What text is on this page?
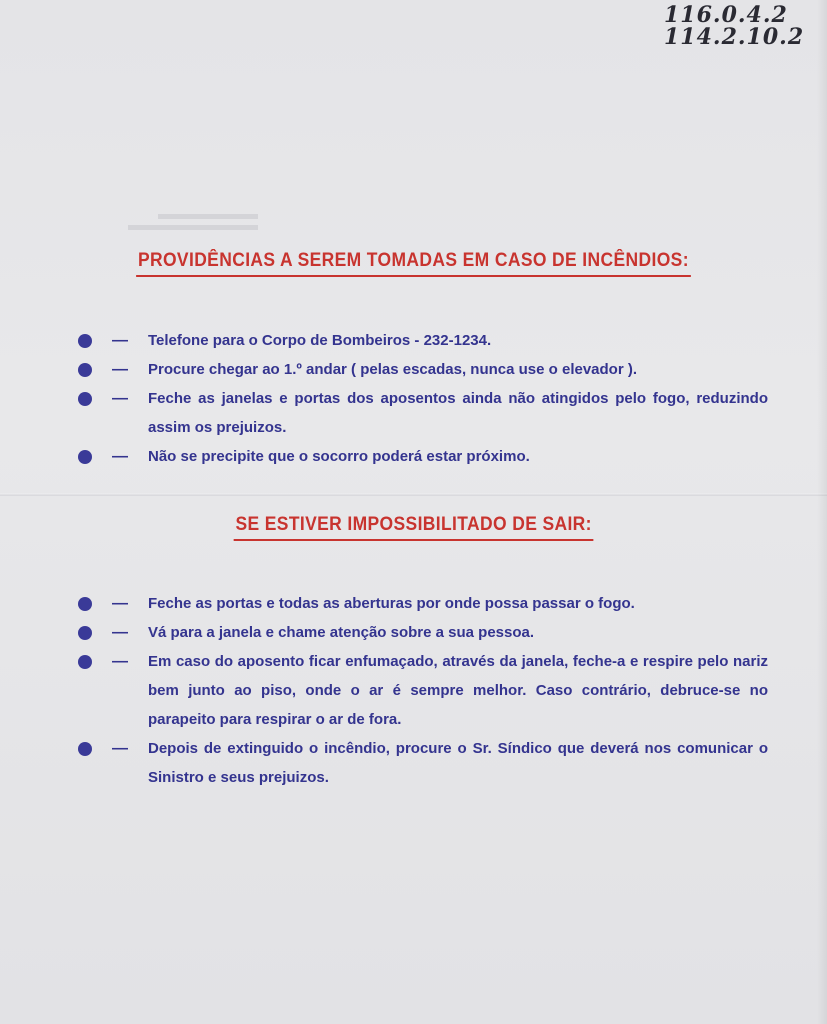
116.0.4.2
114.2.10.2
PROVIDÊNCIAS A SEREM TOMADAS EM CASO DE INCÊNDIOS:
— Telefone para o Corpo de Bombeiros - 232-1234.
— Procure chegar ao 1.º andar ( pelas escadas, nunca use o elevador ).
— Feche as janelas e portas dos aposentos ainda não atingidos pelo fogo, reduzindo assim os prejuizos.
— Não se precipite que o socorro poderá estar próximo.
SE ESTIVER IMPOSSIBILITADO DE SAIR:
— Feche as portas e todas as aberturas por onde possa passar o fogo.
— Vá para a janela e chame atenção sobre a sua pessoa.
— Em caso do aposento ficar enfumaçado, através da janela, feche-a e respire pelo nariz bem junto ao piso, onde o ar é sempre melhor. Caso contrário, debruce-se no parapeito para respirar o ar de fora.
— Depois de extinguido o incêndio, procure o Sr. Síndico que deverá nos comunicar o Sinistro e seus prejuizos.
